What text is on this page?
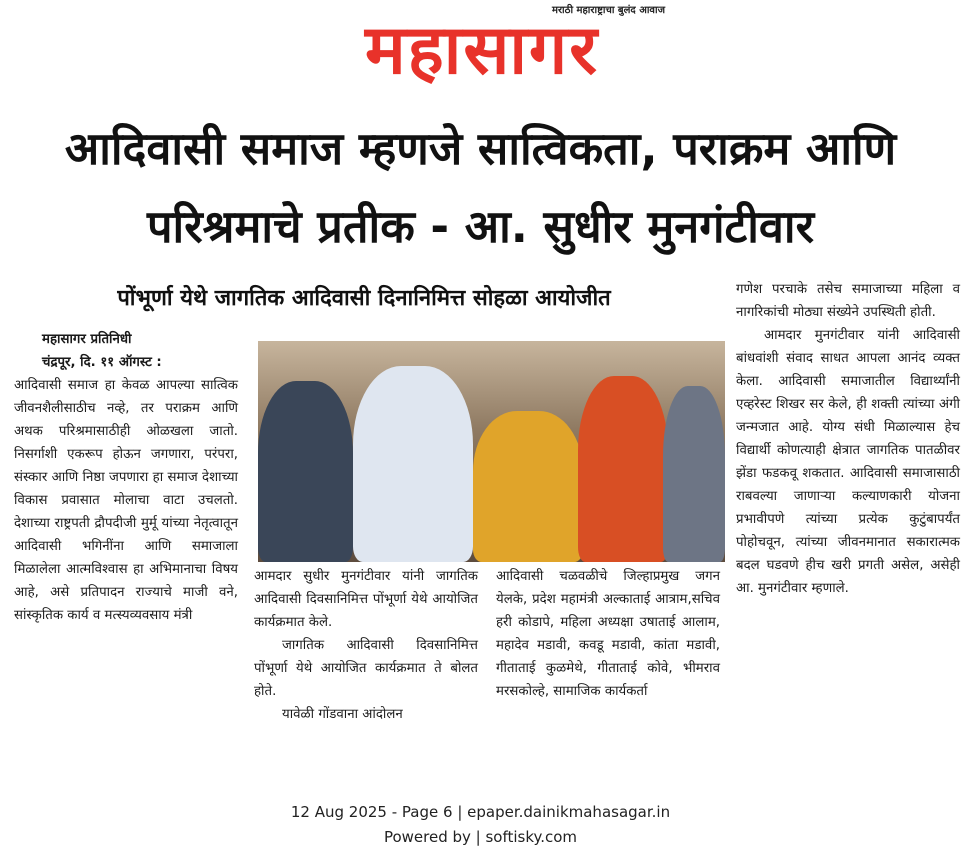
मराठी महाराष्ट्राचा बुलंद आवाज
महासागर
आदिवासी समाज म्हणजे सात्विकता, पराक्रम आणि
परिश्रमाचे प्रतीक - आ. सुधीर मुनगंटीवार
पोंभूर्णा येथे जागतिक आदिवासी दिनानिमित्त सोहळा आयोजीत

महासागर प्रतिनिधी

चंद्रपूर, दि. ११ ऑगस्ट :

आदिवासी समाज हा केवळ आपल्या सात्विक जीवनशैलीसाठीच नव्हे, तर पराक्रम आणि अथक परिश्रमासाठीही ओळखला जातो. निसर्गाशी एकरूप होऊन जगणारा, परंपरा, संस्कार आणि निष्ठा जपणारा हा समाज देशाच्या विकास प्रवासात मोलाचा वाटा उचलतो. देशाच्या राष्ट्रपती द्रौपदीजी मुर्मू यांच्या नेतृत्वातून आदिवासी भगिनींना आणि समाजाला मिळालेला आत्मविश्वास हा अभिमानाचा विषय आहे, असे प्रतिपादन राज्याचे माजी वने, सांस्कृतिक कार्य व मत्स्यव्यवसाय मंत्री

आमदार सुधीर मुनगंटीवार यांनी जागतिक आदिवासी दिवसानिमित्त पोंभूर्णा येथे आयोजित कार्यक्रमात केले.

जागतिक आदिवासी दिवसानिमित्त पोंभूर्णा येथे आयोजित कार्यक्रमात ते बोलत होते.

यावेळी गोंडवाना आंदोलन

आदिवासी चळवळीचे जिल्हाप्रमुख जगन येलके, प्रदेश महामंत्री अल्काताई आत्राम,सचिव हरी कोडापे, महिला अध्यक्षा उषाताई आलाम, महादेव मडावी, कवडू मडावी, कांता मडावी, गीताताई कुळमेथे, गीताताई कोवे, भीमराव मरसकोल्हे, सामाजिक कार्यकर्ता

गणेश परचाके तसेच समाजाच्या महिला व नागरिकांची मोठ्या संख्येने उपस्थिती होती.

आमदार मुनगंटीवार यांनी आदिवासी बांधवांशी संवाद साधत आपला आनंद व्यक्त केला. आदिवासी समाजातील विद्यार्थ्यांनी एव्हरेस्ट शिखर सर केले, ही शक्ती त्यांच्या अंगी जन्मजात आहे. योग्य संधी मिळाल्यास हेच विद्यार्थी कोणत्याही क्षेत्रात जागतिक पातळीवर झेंडा फडकवू शकतात. आदिवासी समाजासाठी राबवल्या जाणाऱ्या कल्याणकारी योजना प्रभावीपणे त्यांच्या प्रत्येक कुटुंबापर्यंत पोहोचवून, त्यांच्या जीवनमानात सकारात्मक बदल घडवणे हीच खरी प्रगती असेल, असेही आ. मुनगंटीवार म्हणाले.

12 Aug 2025 - Page 6 | epaper.dainikmahasagar.in
Powered by | softisky.com
